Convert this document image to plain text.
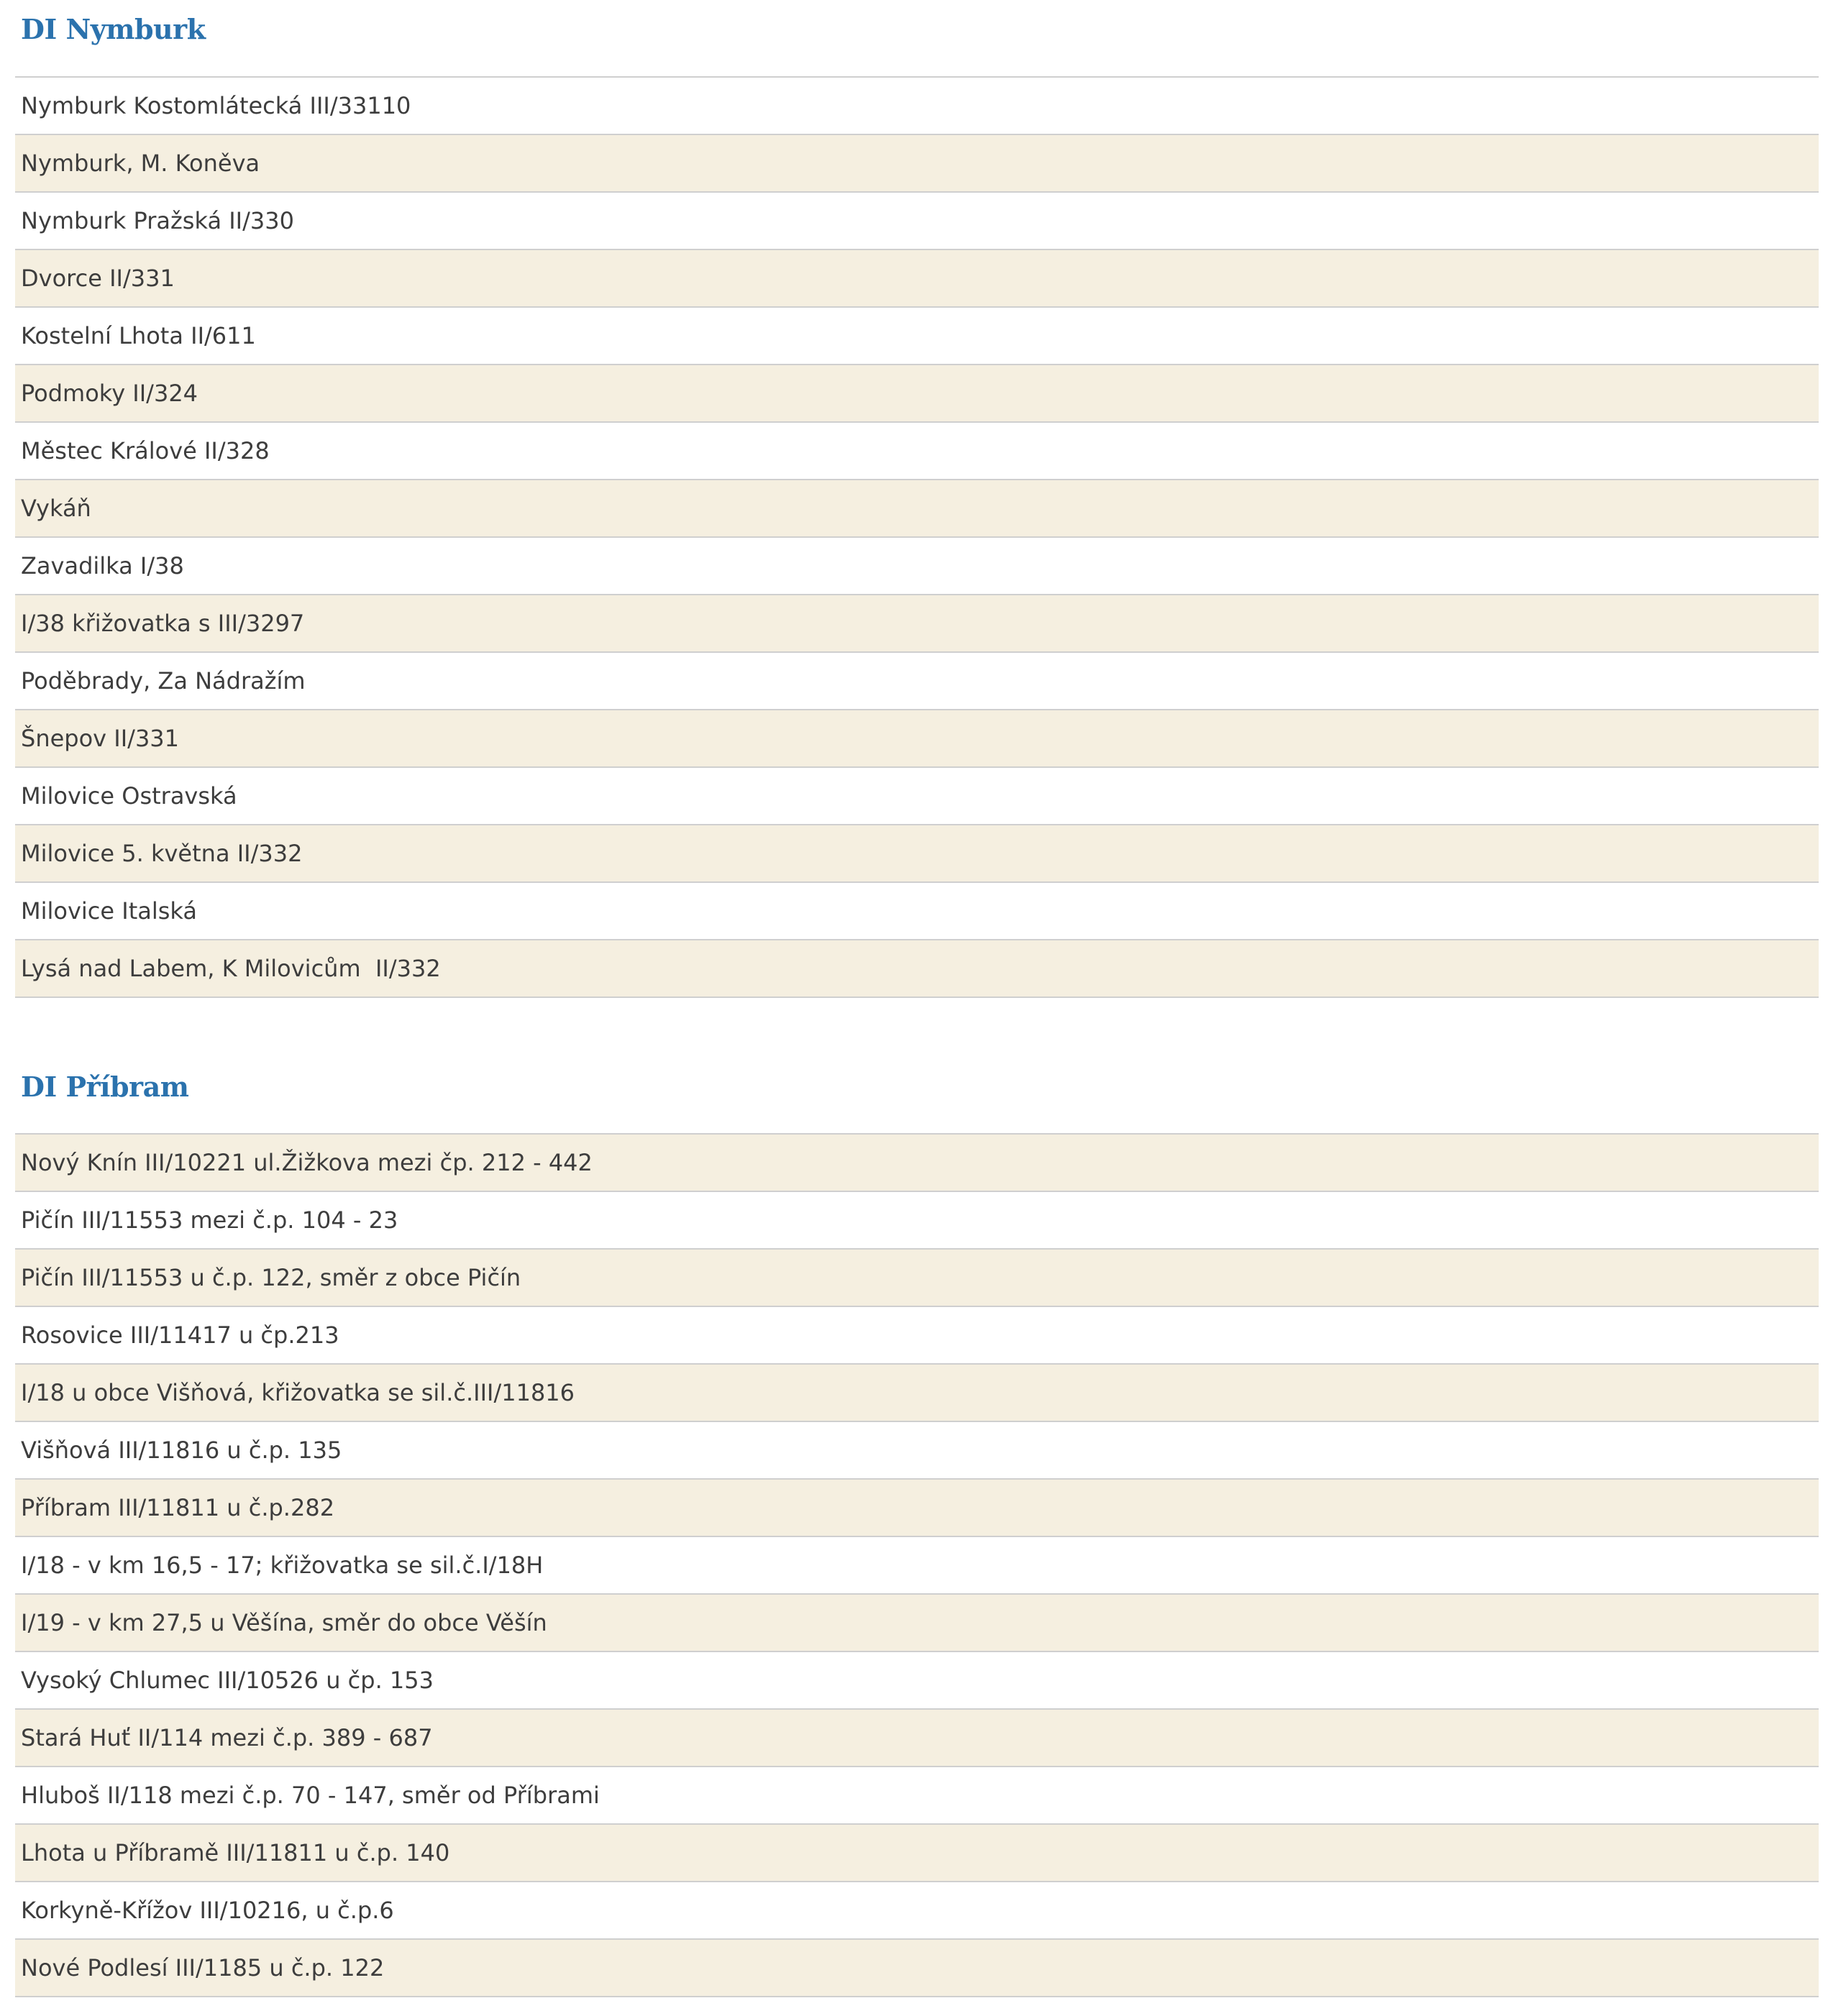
DI Nymburk
Nymburk Kostomlátecká III/33110
Nymburk, M. Koněva
Nymburk Pražská II/330
Dvorce II/331
Kostelní Lhota II/611
Podmoky II/324
Městec Králové II/328
Vykáň
Zavadilka I/38
I/38 křižovatka s III/3297
Poděbrady, Za Nádražím
Šnepov II/331
Milovice Ostravská
Milovice 5. května II/332
Milovice Italská
Lysá nad Labem, K Milovicům  II/332
DI Příbram
Nový Knín III/10221 ul.Žižkova mezi čp. 212 - 442
Pičín III/11553 mezi č.p. 104 - 23
Pičín III/11553 u č.p. 122, směr z obce Pičín
Rosovice III/11417 u čp.213
I/18 u obce Višňová, křižovatka se sil.č.III/11816
Višňová III/11816 u č.p. 135
Příbram III/11811 u č.p.282
I/18 - v km 16,5 - 17; křižovatka se sil.č.I/18H
I/19 - v km 27,5 u Věšína, směr do obce Věšín
Vysoký Chlumec III/10526 u čp. 153
Stará Huť II/114 mezi č.p. 389 - 687
Hluboš II/118 mezi č.p. 70 - 147, směr od Příbrami
Lhota u Příbramě III/11811 u č.p. 140
Korkyně-Křížov III/10216, u č.p.6
Nové Podlesí III/1185 u č.p. 122
